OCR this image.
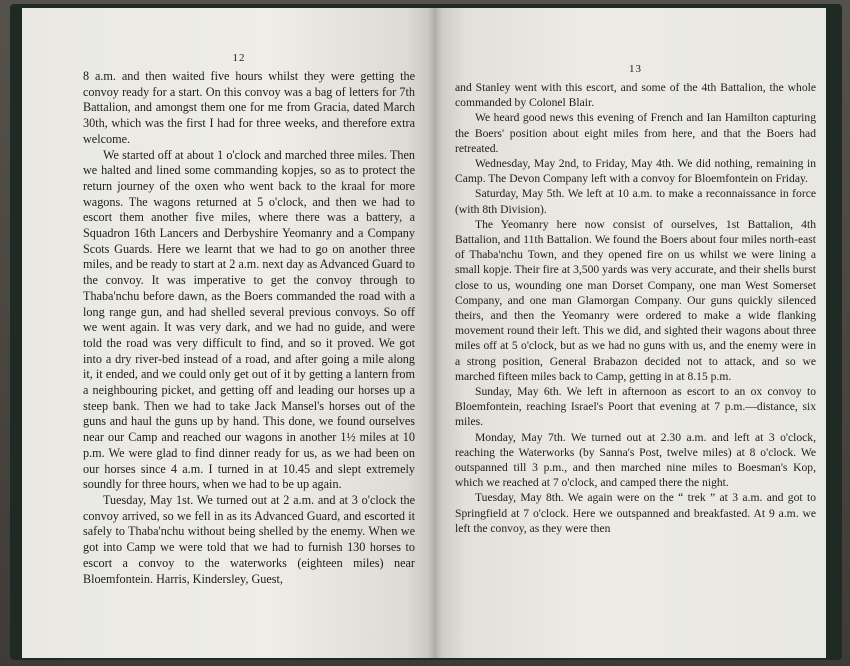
12

8 a.m. and then waited five hours whilst they were getting the convoy ready for a start. On this convoy was a bag of letters for 7th Battalion, and amongst them one for me from Gracia, dated March 30th, which was the first I had for three weeks, and therefore extra welcome.

We started off at about 1 o'clock and marched three miles. Then we halted and lined some commanding kopjes, so as to protect the return journey of the oxen who went back to the kraal for more wagons. The wagons returned at 5 o'clock, and then we had to escort them another five miles, where there was a battery, a Squadron 16th Lancers and Derbyshire Yeomanry and a Company Scots Guards. Here we learnt that we had to go on another three miles, and be ready to start at 2 a.m. next day as Advanced Guard to the convoy. It was imperative to get the convoy through to Thaba'nchu before dawn, as the Boers commanded the road with a long range gun, and had shelled several previous convoys. So off we went again. It was very dark, and we had no guide, and were told the road was very difficult to find, and so it proved. We got into a dry river-bed instead of a road, and after going a mile along it, it ended, and we could only get out of it by getting a lantern from a neighbouring picket, and getting off and leading our horses up a steep bank. Then we had to take Jack Mansel's horses out of the guns and haul the guns up by hand. This done, we found ourselves near our Camp and reached our wagons in another 1½ miles at 10 p.m. We were glad to find dinner ready for us, as we had been on our horses since 4 a.m. I turned in at 10.45 and slept extremely soundly for three hours, when we had to be up again.

Tuesday, May 1st. We turned out at 2 a.m. and at 3 o'clock the convoy arrived, so we fell in as its Advanced Guard, and escorted it safely to Thaba'nchu without being shelled by the enemy. When we got into Camp we were told that we had to furnish 130 horses to escort a convoy to the waterworks (eighteen miles) near Bloemfontein. Harris, Kindersley, Guest,

13

and Stanley went with this escort, and some of the 4th Battalion, the whole commanded by Colonel Blair.

We heard good news this evening of French and Ian Hamilton capturing the Boers' position about eight miles from here, and that the Boers had retreated.

Wednesday, May 2nd, to Friday, May 4th. We did nothing, remaining in Camp. The Devon Company left with a convoy for Bloemfontein on Friday.

Saturday, May 5th. We left at 10 a.m. to make a reconnaissance in force (with 8th Division).

The Yeomanry here now consist of ourselves, 1st Battalion, 4th Battalion, and 11th Battalion. We found the Boers about four miles north-east of Thaba'nchu Town, and they opened fire on us whilst we were lining a small kopje. Their fire at 3,500 yards was very accurate, and their shells burst close to us, wounding one man Dorset Company, one man West Somerset Company, and one man Glamorgan Company. Our guns quickly silenced theirs, and then the Yeomanry were ordered to make a wide flanking movement round their left. This we did, and sighted their wagons about three miles off at 5 o'clock, but as we had no guns with us, and the enemy were in a strong position, General Brabazon decided not to attack, and so we marched fifteen miles back to Camp, getting in at 8.15 p.m.

Sunday, May 6th. We left in afternoon as escort to an ox convoy to Bloemfontein, reaching Israel's Poort that evening at 7 p.m.—distance, six miles.

Monday, May 7th. We turned out at 2.30 a.m. and left at 3 o'clock, reaching the Waterworks (by Sanna's Post, twelve miles) at 8 o'clock. We outspanned till 3 p.m., and then marched nine miles to Boesman's Kop, which we reached at 7 o'clock, and camped there the night.

Tuesday, May 8th. We again were on the “ trek ” at 3 a.m. and got to Springfield at 7 o'clock. Here we outspanned and breakfasted. At 9 a.m. we left the convoy, as they were then
